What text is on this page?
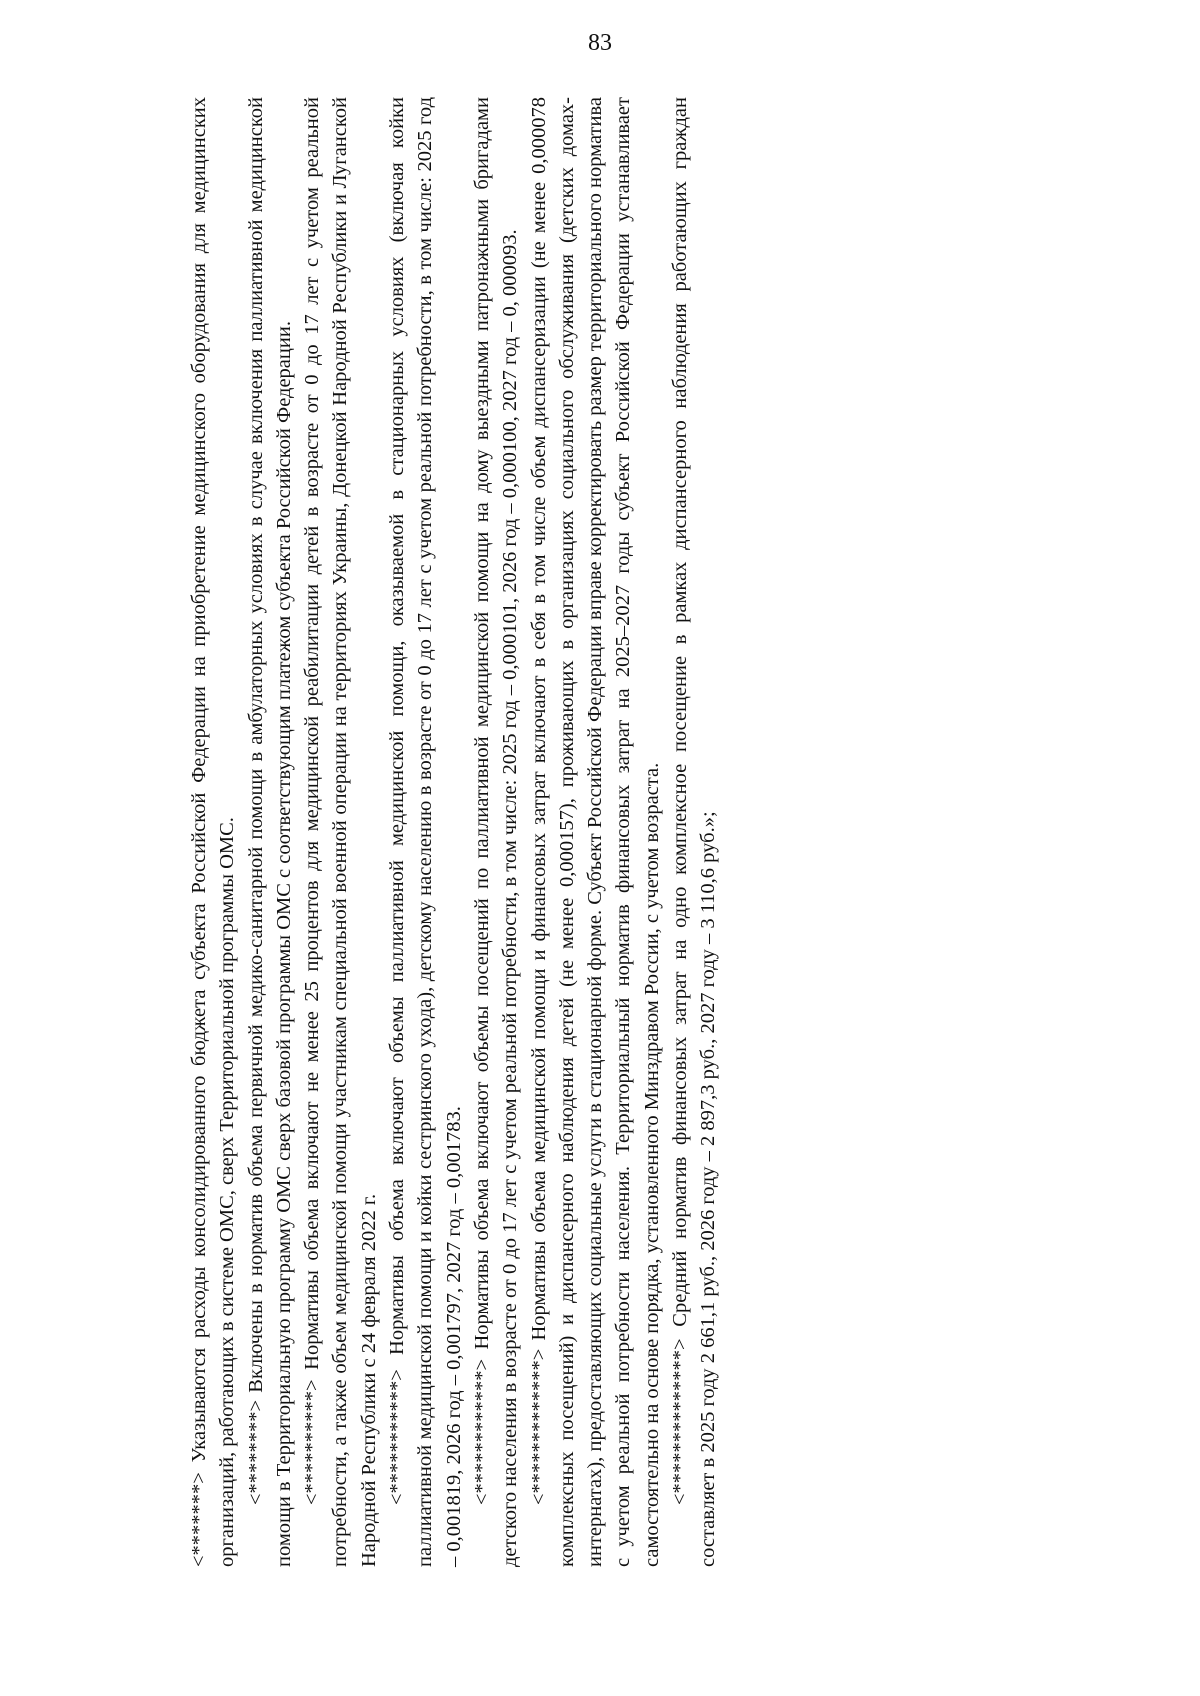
83

<*******> Указываются расходы консолидированного бюджета субъекта Российской Федерации на приобретение медицинского оборудования для медицинских организаций, работающих в системе ОМС, сверх Территориальной программы ОМС. <********> Включены в норматив объема первичной медико-санитарной помощи в амбулаторных условиях в случае включения паллиативной медицинской помощи в Территориальную программу ОМС сверх базовой программы ОМС с соответствующим платежом субъекта Российской Федерации. <**********> Нормативы объема включают не менее 25 процентов для медицинской реабилитации детей в возрасте от 0 до 17 лет с учетом реальной потребности, а также объем медицинской помощи участникам специальной военной операции на территориях Украины, Донецкой Народной Республики и Луганской Народной Республики с 24 февраля 2022 г. <***********> Нормативы объема включают объемы паллиативной медицинской помощи, оказываемой в стационарных условиях (включая койки паллиативной медицинской помощи и койки сестринского ухода), детскому населению в возрасте от 0 до 17 лет с учетом реальной потребности, в том числе: 2025 год – 0,001819, 2026 год – 0,001797, 2027 год – 0,001783. <************> Нормативы объема включают объемы посещений по паллиативной медицинской помощи на дому выездными патронажными бригадами детского населения в возрасте от 0 до 17 лет с учетом реальной потребности, в том числе: 2025 год – 0,000101, 2026 год – 0,000100, 2027 год – 0, 000093. <*************> Нормативы объема медицинской помощи и финансовых затрат включают в себя в том числе объем диспансеризации (не менее 0,000078 комплексных посещений) и диспансерного наблюдения детей (не менее 0,000157), проживающих в организациях социального обслуживания (детских домах-интернатах), предоставляющих социальные услуги в стационарной форме. Субъект Российской Федерации вправе корректировать размер территориального норматива с учетом реальной потребности населения. Территориальный норматив финансовых затрат на 2025–2027 годы субъект Российской Федерации устанавливает самостоятельно на основе порядка, установленного Минздравом России, с учетом возраста. <**************> Средний норматив финансовых затрат на одно комплексное посещение в рамках диспансерного наблюдения работающих граждан составляет в 2025 году 2 661,1 руб., 2026 году – 2 897,3 руб., 2027 году – 3 110,6 руб.»;
